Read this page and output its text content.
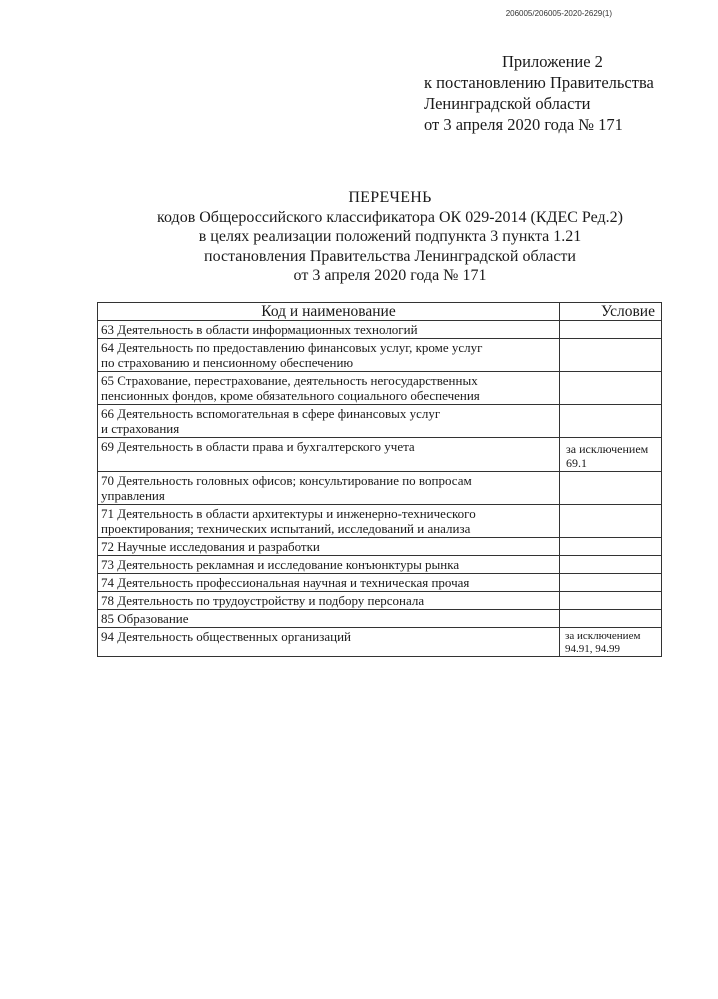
206005/206005-2020-2629(1)
Приложение 2
к постановлению Правительства
Ленинградской области
от 3 апреля 2020 года № 171
ПЕРЕЧЕНЬ
кодов Общероссийского классификатора ОК 029-2014 (КДЕС Ред.2)
в целях реализации положений подпункта 3 пункта 1.21
постановления Правительства Ленинградской области
от 3 апреля 2020 года № 171
Код и наименование	Условие

63 Деятельность в области информационных технологий	

64 Деятельность по предоставлению финансовых услуг, кроме услуг
по страхованию и пенсионному обеспечению	

65 Страхование, перестрахование, деятельность негосударственных
пенсионных фондов, кроме обязательного социального обеспечения	

66 Деятельность вспомогательная в сфере финансовых услуг
и страхования	

69 Деятельность в области права и бухгалтерского учета	за исключением
69.1

70 Деятельность головных офисов; консультирование по вопросам
управления	

71 Деятельность в области архитектуры и инженерно-технического
проектирования; технических испытаний, исследований и анализа	

72 Научные исследования и разработки	

73 Деятельность рекламная и исследование конъюнктуры рынка	

74 Деятельность профессиональная научная и техническая прочая	

78 Деятельность по трудоустройству и подбору персонала	

85 Образование	

94 Деятельность общественных организаций	за исключением
94.91, 94.99
